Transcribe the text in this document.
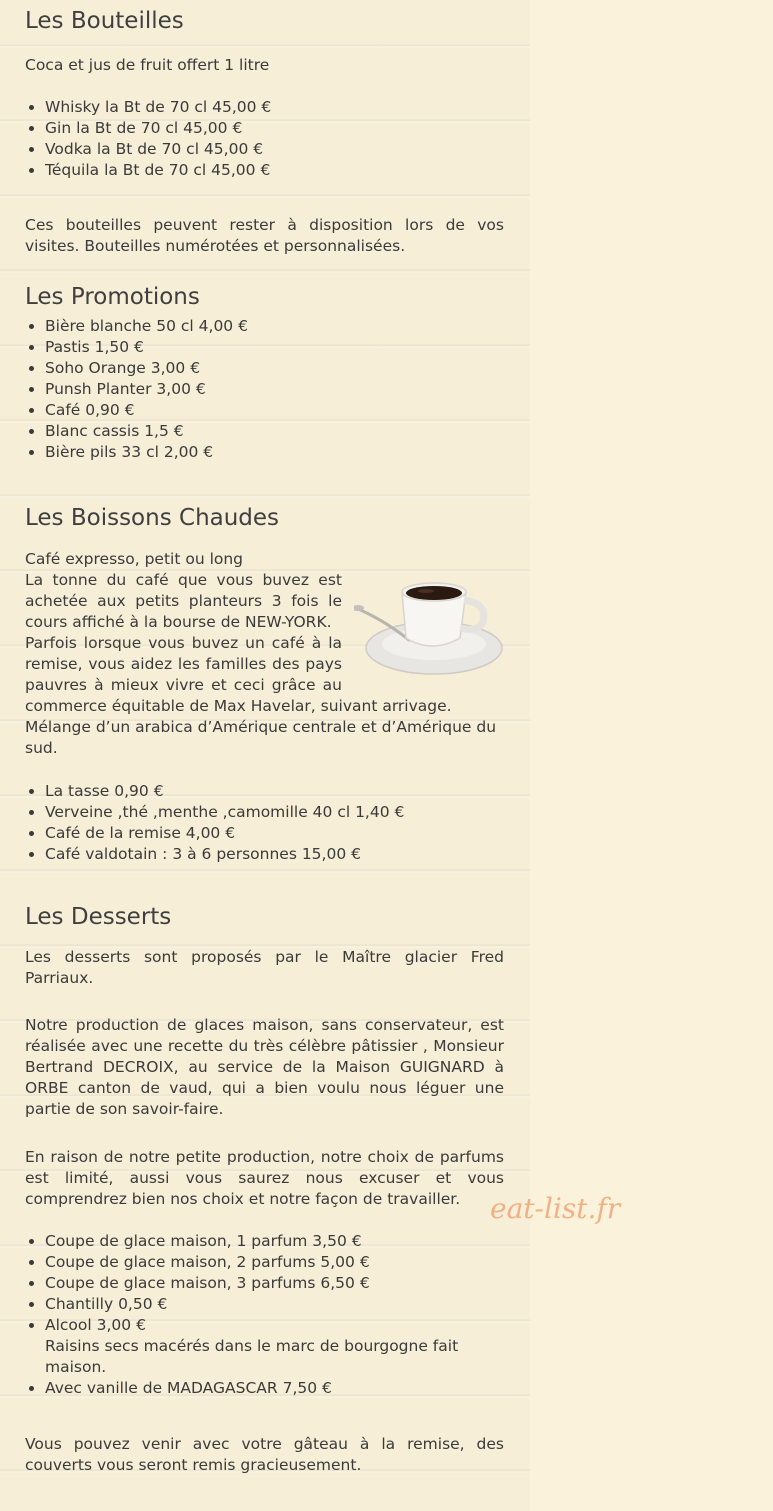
Les Bouteilles

Coca et jus de fruit offert 1 litre

• Whisky la Bt de 70 cl 45,00 €
• Gin la Bt de 70 cl 45,00 €
• Vodka la Bt de 70 cl 45,00 €
• Téquila la Bt de 70 cl 45,00 €

Ces bouteilles peuvent rester à disposition lors de vos visites. Bouteilles numérotées et personnalisées.

Les Promotions
• Bière blanche 50 cl 4,00 €
• Pastis 1,50 €
• Soho Orange 3,00 €
• Punsh Planter 3,00 €
• Café 0,90 €
• Blanc cassis 1,5 €
• Bière pils 33 cl 2,00 €
Les Boissons Chaudes

Café expresso, petit ou long

La tonne du café que vous buvez est achetée aux petits planteurs 3 fois le cours affiché à la bourse de NEW-YORK.

Parfois lorsque vous buvez un café à la remise, vous aidez les familles des pays pauvres à mieux vivre et ceci grâce au commerce équitable de Max Havelar, suivant arrivage.

Mélange d’un arabica d’Amérique centrale et d’Amérique du sud.

• La tasse 0,90 €
• Verveine ,thé ,menthe ,camomille 40 cl 1,40 €
• Café de la remise 4,00 €
• Café valdotain : 3 à 6 personnes 15,00 €
Les Desserts

Les desserts sont proposés par le Maître glacier Fred Parriaux.

Notre production de glaces maison, sans conservateur, est réalisée avec une recette du très célèbre pâtissier , Monsieur Bertrand DECROIX, au service de la Maison GUIGNARD à ORBE canton de vaud, qui a bien voulu nous léguer une partie de son savoir-faire.

En raison de notre petite production, notre choix de parfums est limité, aussi vous saurez nous excuser et vous comprendrez bien nos choix et notre façon de travailler.

• Coupe de glace maison, 1 parfum 3,50 €
• Coupe de glace maison, 2 parfums 5,00 €
• Coupe de glace maison, 3 parfums 6,50 €
• Chantilly 0,50 €
• Alcool 3,00 €
Raisins secs macérés dans le marc de bourgogne fait maison.
• Avec vanille de MADAGASCAR 7,50 €

Vous pouvez venir avec votre gâteau à la remise, des couverts vous seront remis gracieusement.

eat-list.fr
